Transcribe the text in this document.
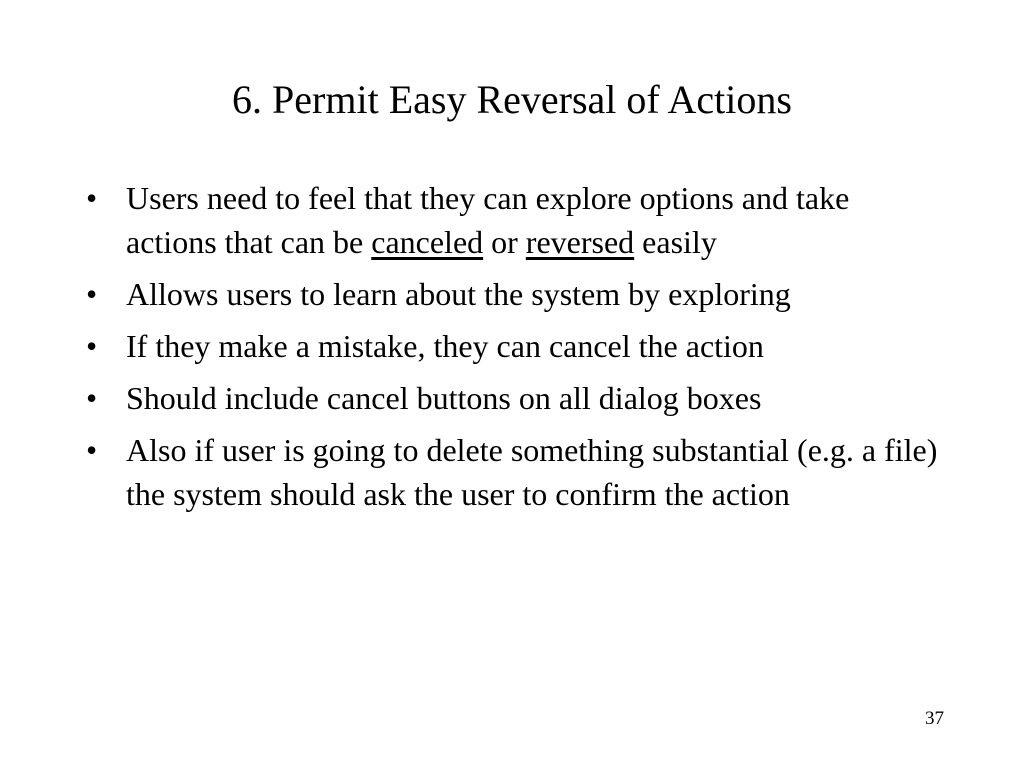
6. Permit Easy Reversal of Actions
• Users need to feel that they can explore options and take actions that can be canceled or reversed easily
• Allows users to learn about the system by exploring
• If they make a mistake, they can cancel the action
• Should include cancel buttons on all dialog boxes
• Also if user is going to delete something substantial (e.g. a file) the system should ask the user to confirm the action
37
